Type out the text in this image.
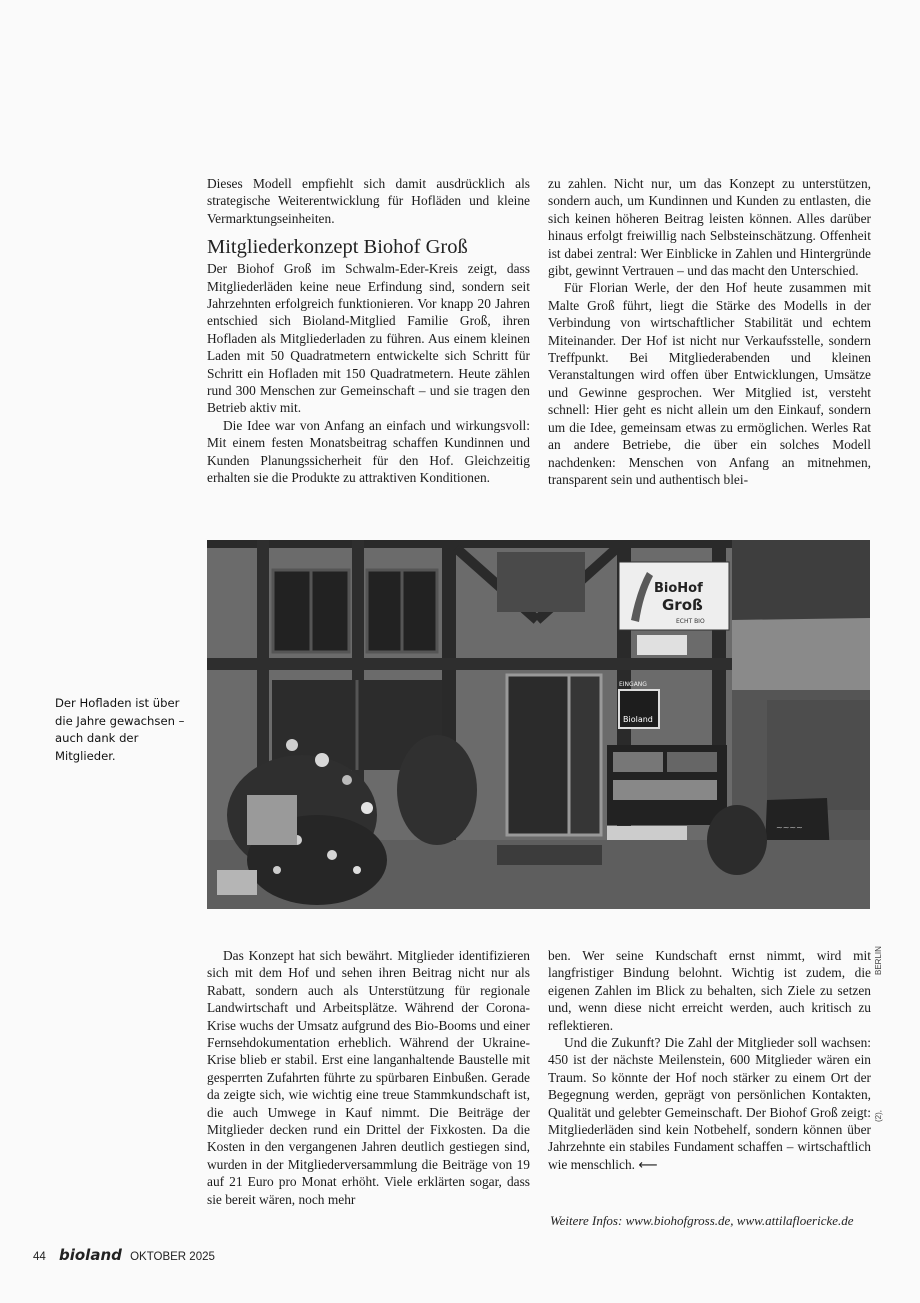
Dieses Modell empfiehlt sich damit ausdrücklich als strategische Weiterentwicklung für Hofläden und kleine Vermarktungseinheiten.

Mitgliederkonzept Biohof Groß

Der Biohof Groß im Schwalm-Eder-Kreis zeigt, dass Mitgliederläden keine neue Erfindung sind, sondern seit Jahrzehnten erfolgreich funktionieren. Vor knapp 20 Jahren entschied sich Bioland-Mitglied Familie Groß, ihren Hofladen als Mitgliederladen zu führen. Aus einem kleinen Laden mit 50 Quadratmetern entwickelte sich Schritt für Schritt ein Hofladen mit 150 Quadratmetern. Heute zählen rund 300 Menschen zur Gemeinschaft – und sie tragen den Betrieb aktiv mit.

Die Idee war von Anfang an einfach und wirkungsvoll: Mit einem festen Monatsbeitrag schaffen Kundinnen und Kunden Planungssicherheit für den Hof. Gleichzeitig erhalten sie die Produkte zu attraktiven Konditionen.

zu zahlen. Nicht nur, um das Konzept zu unterstützen, sondern auch, um Kundinnen und Kunden zu entlasten, die sich keinen höheren Beitrag leisten können. Alles darüber hinaus erfolgt freiwillig nach Selbsteinschätzung. Offenheit ist dabei zentral: Wer Einblicke in Zahlen und Hintergründe gibt, gewinnt Vertrauen – und das macht den Unterschied.

Für Florian Werle, der den Hof heute zusammen mit Malte Groß führt, liegt die Stärke des Modells in der Verbindung von wirtschaftlicher Stabilität und echtem Miteinander. Der Hof ist nicht nur Verkaufsstelle, sondern Treffpunkt. Bei Mitgliederabenden und kleinen Veranstaltungen wird offen über Entwicklungen, Umsätze und Gewinne gesprochen. Wer Mitglied ist, versteht schnell: Hier geht es nicht allein um den Einkauf, sondern um die Idee, gemeinsam etwas zu ermöglichen. Werles Rat an andere Betriebe, die über ein solches Modell nachdenken: Menschen von Anfang an mitnehmen, transparent sein und authentisch blei-

Der Hofladen ist über die Jahre gewachsen – auch dank der Mitglieder.
BioHof
Groß
ECHT BIO
Bioland
EINGANG
~~~~

Das Konzept hat sich bewährt. Mitglieder identifizieren sich mit dem Hof und sehen ihren Beitrag nicht nur als Rabatt, sondern auch als Unterstützung für regionale Landwirtschaft und Arbeitsplätze. Während der Corona-Krise wuchs der Umsatz aufgrund des Bio-Booms und einer Fernsehdokumentation erheblich. Während der Ukraine-Krise blieb er stabil. Erst eine langanhaltende Baustelle mit gesperrten Zufahrten führte zu spürbaren Einbußen. Gerade da zeigte sich, wie wichtig eine treue Stammkundschaft ist, die auch Umwege in Kauf nimmt. Die Beiträge der Mitglieder decken rund ein Drittel der Fixkosten. Da die Kosten in den vergangenen Jahren deutlich gestiegen sind, wurden in der Mitgliederversammlung die Beiträge von 19 auf 21 Euro pro Monat erhöht. Viele erklärten sogar, dass sie bereit wären, noch mehr

ben. Wer seine Kundschaft ernst nimmt, wird mit langfristiger Bindung belohnt. Wichtig ist zudem, die eigenen Zahlen im Blick zu behalten, sich Ziele zu setzen und, wenn diese nicht erreicht werden, auch kritisch zu reflektieren.

Und die Zukunft? Die Zahl der Mitglieder soll wachsen: 450 ist der nächste Meilenstein, 600 Mitglieder wären ein Traum. So könnte der Hof noch stärker zu einem Ort der Begegnung werden, geprägt von persönlichen Kontakten, Qualität und gelebter Gemeinschaft. Der Biohof Groß zeigt: Mitgliederläden sind kein Notbehelf, sondern können über Jahrzehnte ein stabiles Fundament schaffen – wirtschaftlich wie menschlich. ⟵

Weitere Infos: www.biohofgross.de, www.attilafloericke.de
BERLIN
(2),
44 bioland OKTOBER 2025
